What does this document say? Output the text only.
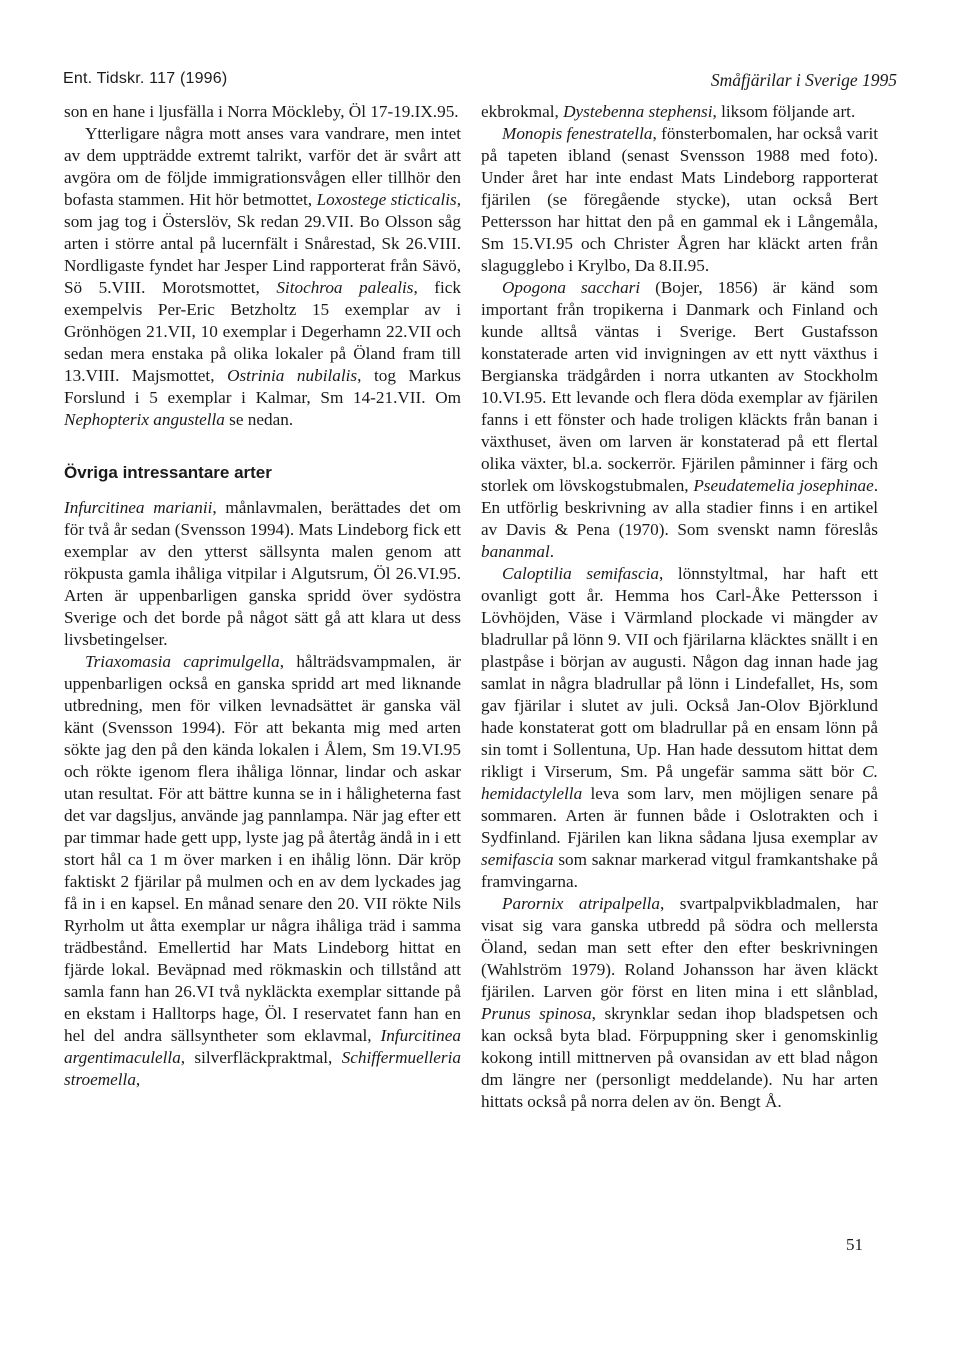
Ent. Tidskr. 117 (1996)	Småfjärilar i Sverige 1995

son en hane i ljusfälla i Norra Möckleby, Öl 17-19.IX.95.

Ytterligare några mott anses vara vandrare, men intet av dem uppträdde extremt talrikt, varför det är svårt att avgöra om de följde immigrationsvågen eller tillhör den bofasta stammen. Hit hör betmottet, Loxostege sticticalis, som jag tog i Österslöv, Sk redan 29.VII. Bo Olsson såg arten i större antal på lucernfält i Snårestad, Sk 26.VIII. Nordligaste fyndet har Jesper Lind rapporterat från Sävö, Sö 5.VIII. Morotsmottet, Sitochroa palealis, fick exempelvis Per-Eric Betzholtz 15 exemplar av i Grönhögen 21.VII, 10 exemplar i Degerhamn 22.VII och sedan mera enstaka på olika lokaler på Öland fram till 13.VIII. Majsmottet, Ostrinia nubilalis, tog Markus Forslund i 5 exemplar i Kalmar, Sm 14-21.VII. Om Nephopterix angustella se nedan.

Övriga intressantare arter

Infurcitinea marianii, månlavmalen, berättades det om för två år sedan (Svensson 1994). Mats Lindeborg fick ett exemplar av den ytterst sällsynta malen genom att rökpusta gamla ihåliga vitpilar i Algutsrum, Öl 26.VI.95. Arten är uppenbarligen ganska spridd över sydöstra Sverige och det borde på något sätt gå att klara ut dess livsbetingelser.

Triaxomasia caprimulgella, hålträdsvampmalen, är uppenbarligen också en ganska spridd art med liknande utbredning, men för vilken levnadsättet är ganska väl känt (Svensson 1994). För att bekanta mig med arten sökte jag den på den kända lokalen i Ålem, Sm 19.VI.95 och rökte igenom flera ihåliga lönnar, lindar och askar utan resultat. För att bättre kunna se in i håligheterna fast det var dagsljus, använde jag pannlampa. När jag efter ett par timmar hade gett upp, lyste jag på återtåg ändå in i ett stort hål ca 1 m över marken i en ihålig lönn. Där kröp faktiskt 2 fjärilar på mulmen och en av dem lyckades jag få in i en kapsel. En månad senare den 20. VII rökte Nils Ryrholm ut åtta exemplar ur några ihåliga träd i samma trädbestånd. Emellertid har Mats Lindeborg hittat en fjärde lokal. Beväpnad med rökmaskin och tillstånd att samla fann han 26.VI två nykläckta exemplar sittande på en ekstam i Halltorps hage, Öl. I reservatet fann han en hel del andra sällsyntheter som eklavmal, Infurcitinea argentimaculella, silverfläckpraktmal, Schiffermuelleria stroemella,

ekbrokmal, Dystebenna stephensi, liksom följande art.

Monopis fenestratella, fönsterbomalen, har också varit på tapeten ibland (senast Svensson 1988 med foto). Under året har inte endast Mats Lindeborg rapporterat fjärilen (se föregående stycke), utan också Bert Pettersson har hittat den på en gammal ek i Långemåla, Sm 15.VI.95 och Christer Ågren har kläckt arten från slagugglebo i Krylbo, Da 8.II.95.

Opogona sacchari (Bojer, 1856) är känd som important från tropikerna i Danmark och Finland och kunde alltså väntas i Sverige. Bert Gustafsson konstaterade arten vid invigningen av ett nytt växthus i Bergianska trädgården i norra utkanten av Stockholm 10.VI.95. Ett levande och flera döda exemplar av fjärilen fanns i ett fönster och hade troligen kläckts från banan i växthuset, även om larven är konstaterad på ett flertal olika växter, bl.a. sockerrör. Fjärilen påminner i färg och storlek om lövskogstubmalen, Pseudatemelia josephinae. En utförlig beskrivning av alla stadier finns i en artikel av Davis & Pena (1970). Som svenskt namn föreslås bananmal.

Caloptilia semifascia, lönnstyltmal, har haft ett ovanligt gott år. Hemma hos Carl-Åke Pettersson i Lövhöjden, Väse i Värmland plockade vi mängder av bladrullar på lönn 9. VII och fjärilarna kläcktes snällt i en plastpåse i början av augusti. Någon dag innan hade jag samlat in några bladrullar på lönn i Lindefallet, Hs, som gav fjärilar i slutet av juli. Också Jan-Olov Björklund hade konstaterat gott om bladrullar på en ensam lönn på sin tomt i Sollentuna, Up. Han hade dessutom hittat dem rikligt i Virserum, Sm. På ungefär samma sätt bör C. hemidactylella leva som larv, men möjligen senare på sommaren. Arten är funnen både i Oslotrakten och i Sydfinland. Fjärilen kan likna sådana ljusa exemplar av semifascia som saknar markerad vitgul framkantshake på framvingarna.

Parornix atripalpella, svartpalpvikbladmalen, har visat sig vara ganska utbredd på södra och mellersta Öland, sedan man sett efter den efter beskrivningen (Wahlström 1979). Roland Johansson har även kläckt fjärilen. Larven gör först en liten mina i ett slånblad, Prunus spinosa, skrynklar sedan ihop bladspetsen och kan också byta blad. Förpuppning sker i genomskinlig kokong intill mittnerven på ovansidan av ett blad någon dm längre ner (personligt meddelande). Nu har arten hittats också på norra delen av ön. Bengt Å.

51
